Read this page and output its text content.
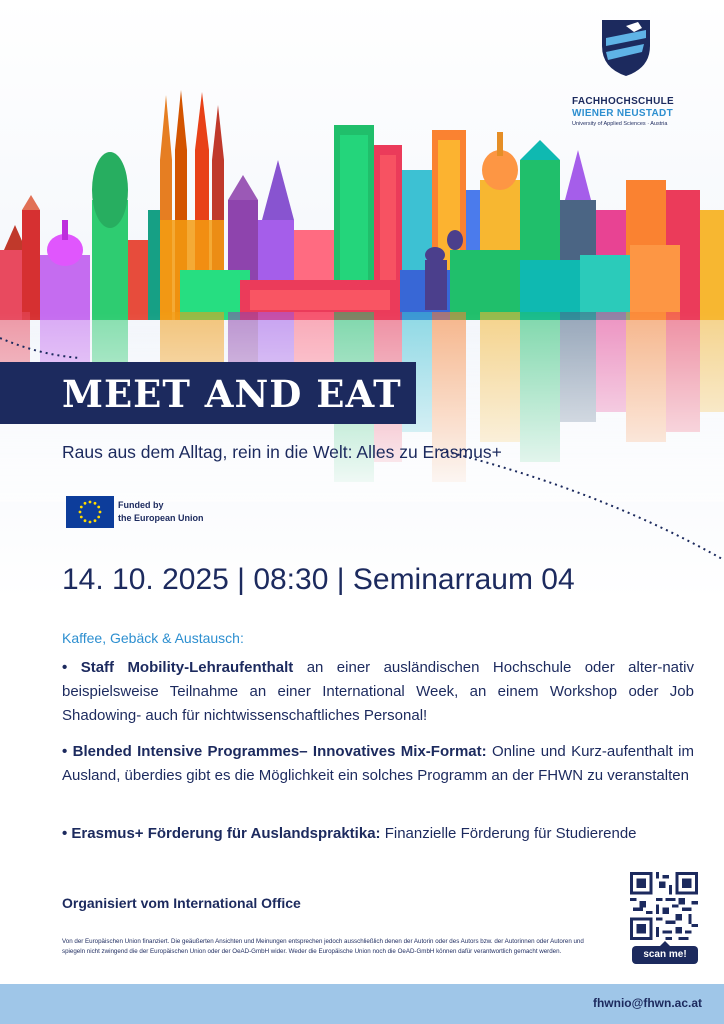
FACHHOCHSCHULE
WIENER NEUSTADT
University of Applied Sciences · Austria
MEET AND EAT
Raus aus dem Alltag, rein in die Welt: Alles zu Erasmus+
Funded by
the European Union
14. 10. 2025 | 08:30 | Seminarraum 04
Kaffee, Gebäck & Austausch:
• Staff Mobility-Lehraufenthalt an einer ausländischen Hochschule oder alter-nativ beispielsweise Teilnahme an einer International Week, an einem Workshop oder Job Shadowing- auch für nichtwissenschaftliches Personal!
• Blended Intensive Programmes– Innovatives Mix-Format: Online und Kurz-aufenthalt im Ausland, überdies gibt es die Möglichkeit ein solches Programm an der FHWN zu veranstalten
• Erasmus+ Förderung für Auslandspraktika: Finanzielle Förderung für Studierende
Organisiert vom International Office
Von der Europäischen Union finanziert. Die geäußerten Ansichten und Meinungen entsprechen jedoch ausschließlich denen der Autorin oder des Autors bzw. der Autorinnen oder Autoren und spiegeln nicht zwingend die der Europäischen Union oder der OeAD-GmbH wider. Weder die Europäische Union noch die OeAD-GmbH können dafür verantwortlich gemacht werden.	scan me!
fhwnio@fhwn.ac.at
